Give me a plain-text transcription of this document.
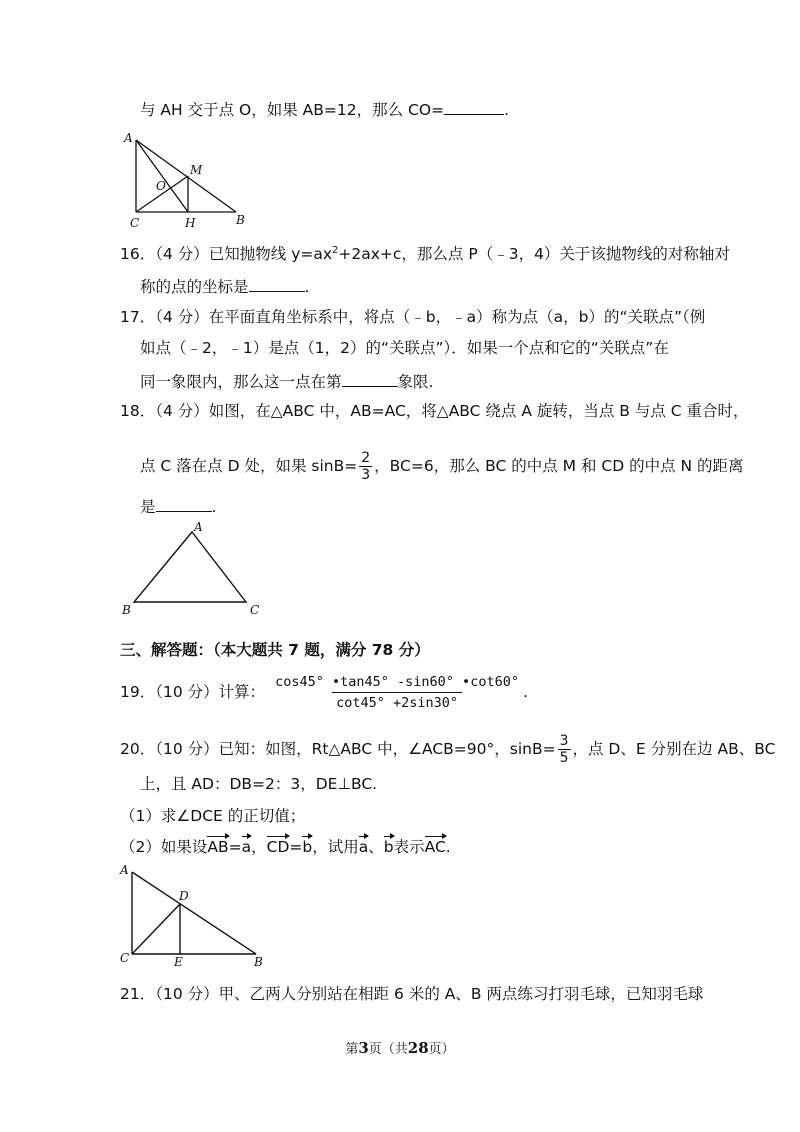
与 AH 交于点 O，如果 AB=12，那么 CO=	.
A
M
O
C	H	B
16．（4 分）已知抛物线 $y=ax^2+2ax+c$，那么点 P（﹣3，4）关于该抛物线的对称轴对
称的点的坐标是	.
17．（4 分）在平面直角坐标系中，将点（﹣b，﹣a）称为点（a，b）的“关联点”（例
如点（﹣2，﹣1）是点（1，2）的“关联点”）．如果一个点和它的“关联点”在
同一象限内，那么这一点在第	象限.
18．（4 分）如图，在△ABC 中，AB=AC，将△ABC 绕点 A 旋转，当点 B 与点 C 重合时，
点 C 落在点 D 处，如果 $\sin B= \frac{2}{3}$ ，BC=6，那么 BC 的中点 M 和 CD 的中点 N 的距离
是	.
A
B	C
三、解答题：（本大题共 7 题，满分 78 分）
19．（10 分）计算： $\frac{\cos 45^\circ •\tan 45^\circ -\sin 60^\circ •\cot 60^\circ}{\cot 45^\circ +2\sin 30^\circ}$ .
20．（10 分）已知：如图，Rt△ABC 中，∠ACB=90°，$\sin B= \frac{3}{5}$ ，点 D、E 分别在边 AB、BC
上，且 AD：DB=2：3，DE⊥BC.
（1）求∠DCE 的正切值；
（2）如果设AB=a，CD=b，试用a、b表示AC.
A
D
C	E	B
21．（10 分）甲、乙两人分别站在相距 6 米的 A、B 两点练习打羽毛球，已知羽毛球
第3页（共28页）
